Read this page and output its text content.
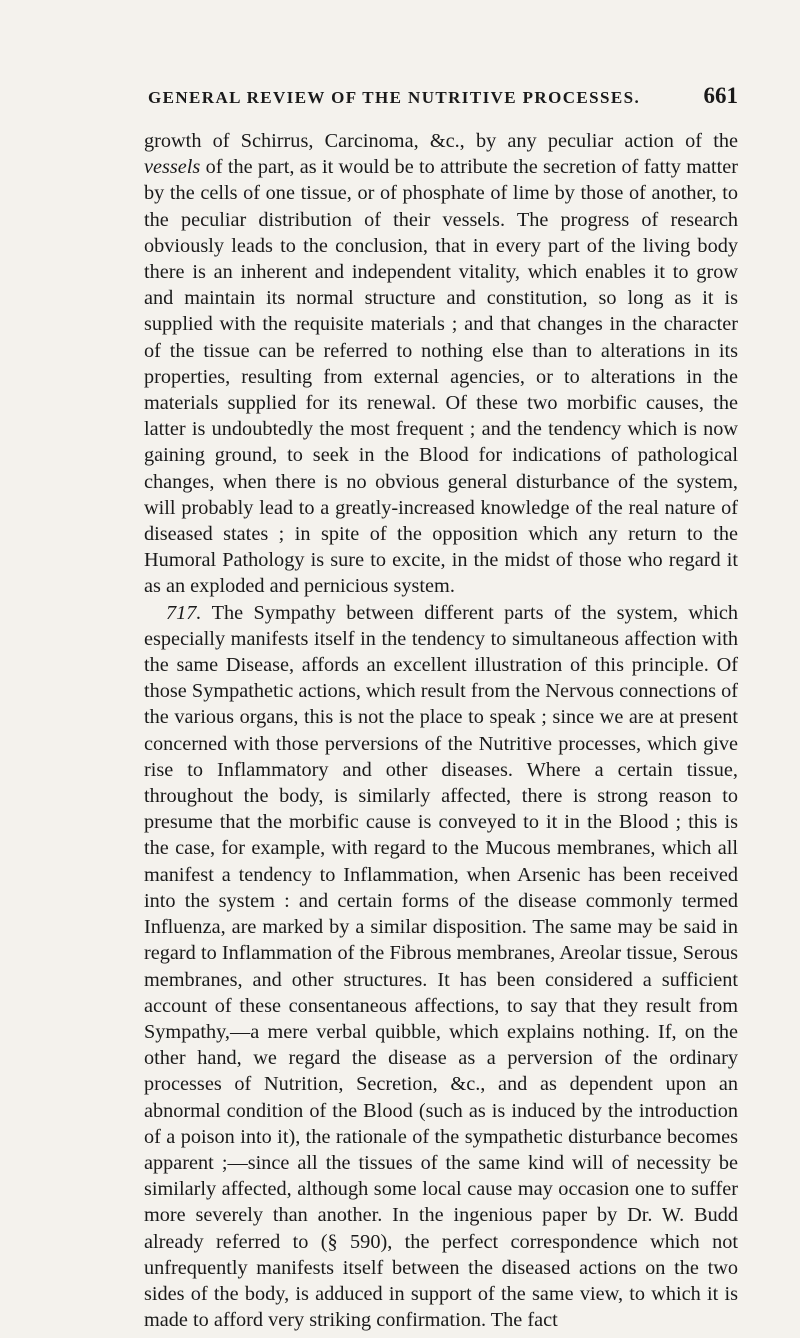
GENERAL REVIEW OF THE NUTRITIVE PROCESSES.	661

growth of Schirrus, Carcinoma, &c., by any peculiar action of the vessels of the part, as it would be to attribute the secretion of fatty matter by the cells of one tissue, or of phosphate of lime by those of another, to the peculiar distribution of their vessels. The progress of research obviously leads to the conclusion, that in every part of the living body there is an inherent and independent vitality, which enables it to grow and maintain its normal structure and constitution, so long as it is supplied with the requisite materials ; and that changes in the character of the tissue can be referred to nothing else than to alterations in its properties, resulting from external agencies, or to alterations in the materials supplied for its renewal. Of these two morbific causes, the latter is undoubtedly the most frequent ; and the tendency which is now gaining ground, to seek in the Blood for indications of pathological changes, when there is no obvious general disturbance of the system, will probably lead to a greatly-increased knowledge of the real nature of diseased states ; in spite of the opposition which any return to the Humoral Pathology is sure to excite, in the midst of those who regard it as an exploded and pernicious system.

717. The Sympathy between different parts of the system, which especially manifests itself in the tendency to simultaneous affection with the same Disease, affords an excellent illustration of this principle. Of those Sympathetic actions, which result from the Nervous connections of the various organs, this is not the place to speak ; since we are at present concerned with those perversions of the Nutritive processes, which give rise to Inflammatory and other diseases. Where a certain tissue, throughout the body, is similarly affected, there is strong reason to presume that the morbific cause is conveyed to it in the Blood ; this is the case, for example, with regard to the Mucous membranes, which all manifest a tendency to Inflammation, when Arsenic has been received into the system : and certain forms of the disease commonly termed Influenza, are marked by a similar disposition. The same may be said in regard to Inflammation of the Fibrous membranes, Areolar tissue, Serous membranes, and other structures. It has been considered a sufficient account of these consentaneous affections, to say that they result from Sympathy,—a mere verbal quibble, which explains nothing. If, on the other hand, we regard the disease as a perversion of the ordinary processes of Nutrition, Secretion, &c., and as dependent upon an abnormal condition of the Blood (such as is induced by the introduction of a poison into it), the rationale of the sympathetic disturbance becomes apparent ;—since all the tissues of the same kind will of necessity be similarly affected, although some local cause may occasion one to suffer more severely than another. In the ingenious paper by Dr. W. Budd already referred to (§ 590), the perfect correspondence which not unfrequently manifests itself between the diseased actions on the two sides of the body, is adduced in support of the same view, to which it is made to afford very striking confirmation. The fact
